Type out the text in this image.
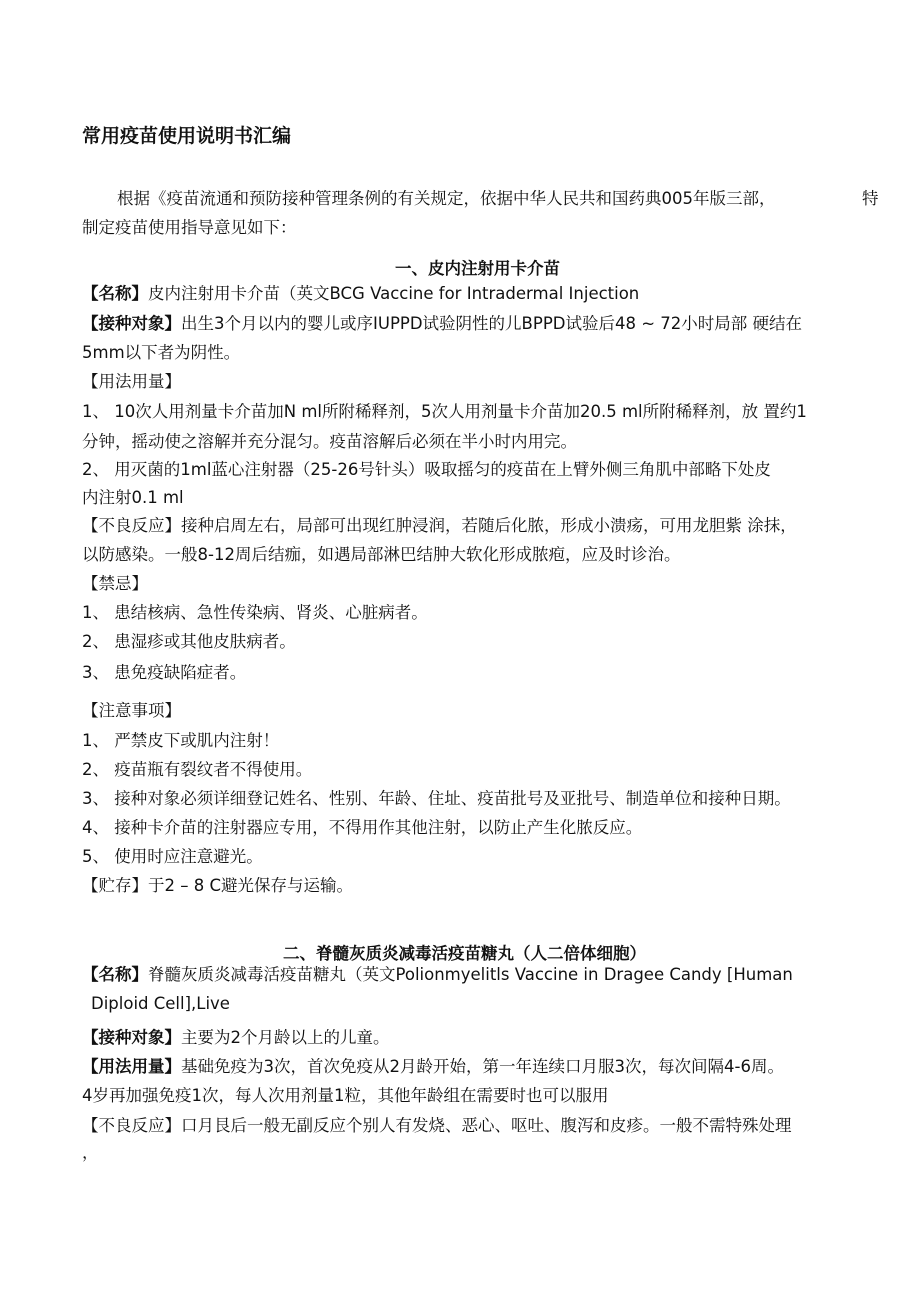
常用疫苗使用说明书汇编
根据《疫苗流通和预防接种管理条例的有关规定，依据中华人民共和国药典005年版三部，	特
制定疫苗使用指导意见如下：
一、皮内注射用卡介苗
【名称】皮内注射用卡介苗（英文BCG Vaccine for Intradermal Injection
【接种对象】出生3个月以内的婴儿或序IUPPD试验阴性的儿BPPD试验后48 ~ 72小时局部 硬结在
5mm以下者为阴性。
【用法用量】
1、 10次人用剂量卡介苗加N ml所附稀释剂，5次人用剂量卡介苗加20.5 ml所附稀释剂，放 置约1
分钟，摇动使之溶解并充分混匀。疫苗溶解后必须在半小时内用完。
2、 用灭菌的1ml蓝心注射器（25-26号针头）吸取摇匀的疫苗在上臂外侧三角肌中部略下处皮
内注射0.1 ml
【不良反应】接种启周左右，局部可出现红肿浸润，若随后化脓，形成小溃疡，可用龙胆紫 涂抹，
以防感染。一般8-12周后结痂，如遇局部淋巴结肿大软化形成脓疱，应及时诊治。
【禁忌】
1、 患结核病、急性传染病、肾炎、心脏病者。
2、 患湿疹或其他皮肤病者。
3、 患免疫缺陷症者。
【注意事项】
1、 严禁皮下或肌内注射！
2、 疫苗瓶有裂纹者不得使用。
3、 接种对象必须详细登记姓名、性别、年龄、住址、疫苗批号及亚批号、制造单位和接种日期。
4、 接种卡介苗的注射器应专用，不得用作其他注射，以防止产生化脓反应。
5、 使用时应注意避光。
【贮存】于2 – 8 C避光保存与运输。
二、脊髓灰质炎减毒活疫苗糖丸（人二倍体细胞）
【名称】脊髓灰质炎减毒活疫苗糖丸（英文Polionmyelitls Vaccine in Dragee Candy [Human
Diploid Cell],Live
【接种对象】主要为2个月龄以上的儿童。
【用法用量】基础免疫为3次，首次免疫从2月龄开始，第一年连续口月服3次，每次间隔4-6周。
4岁再加强免疫1次，每人次用剂量1粒，其他年龄组在需要时也可以服用
【不良反应】口月艮后一般无副反应个别人有发烧、恶心、呕吐、腹泻和皮疹。一般不需特殊处理
，
